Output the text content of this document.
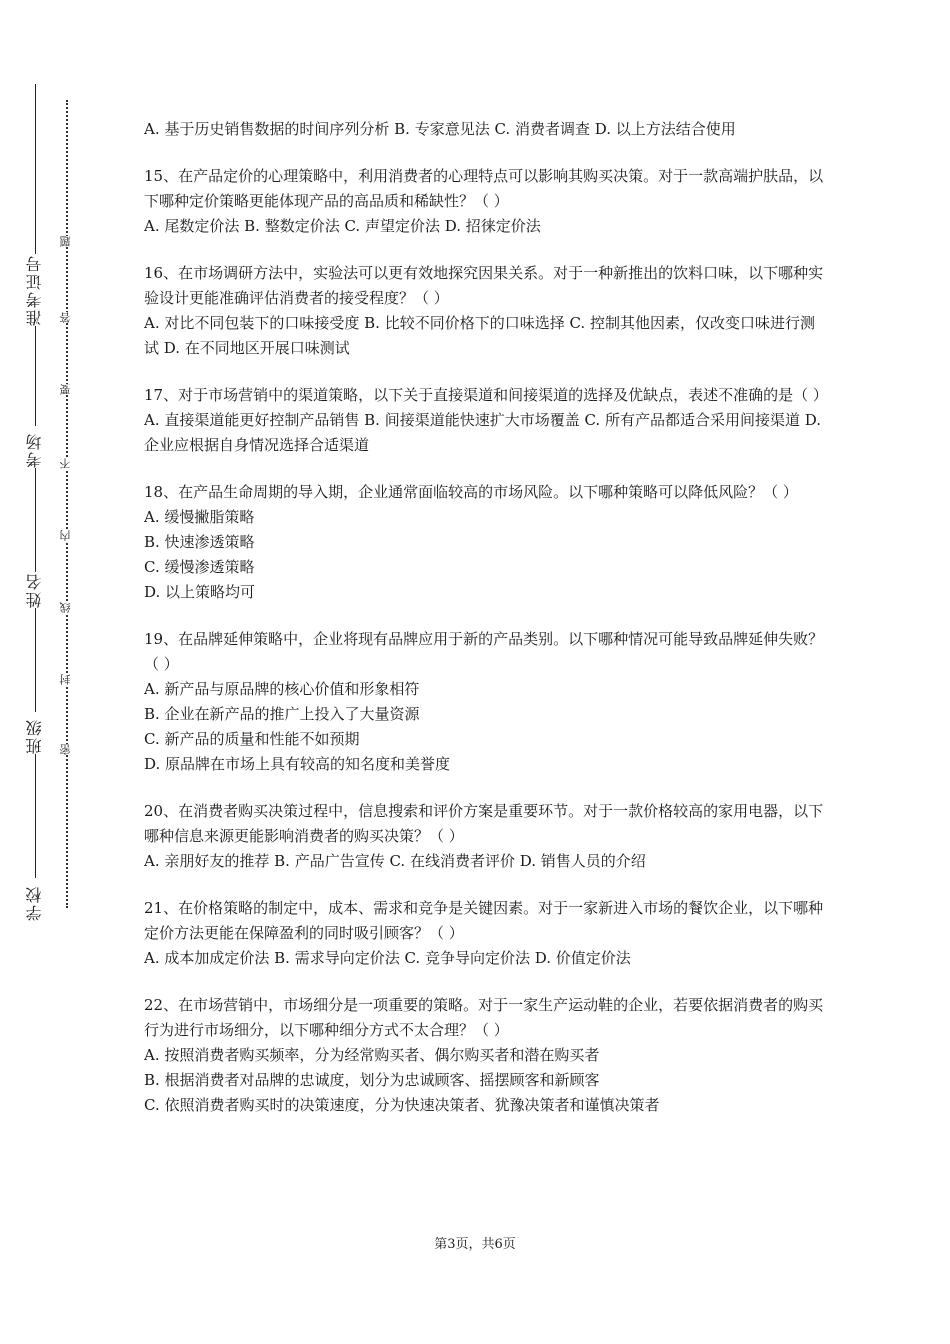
准考证号
考场
姓名
班级
学校
题
答
要
不
内
线
封
密

A. 基于历史销售数据的时间序列分析 B. 专家意见法 C. 消费者调查 D. 以上方法结合使用

15、在产品定价的心理策略中，利用消费者的心理特点可以影响其购买决策。对于一款高端护肤品，以下哪种定价策略更能体现产品的高品质和稀缺性？（ ）

A. 尾数定价法 B. 整数定价法 C. 声望定价法 D. 招徕定价法

16、在市场调研方法中，实验法可以更有效地探究因果关系。对于一种新推出的饮料口味，以下哪种实验设计更能准确评估消费者的接受程度？（ ）

A. 对比不同包装下的口味接受度 B. 比较不同价格下的口味选择 C. 控制其他因素，仅改变口味进行测试 D. 在不同地区开展口味测试

17、对于市场营销中的渠道策略，以下关于直接渠道和间接渠道的选择及优缺点，表述不准确的是（ ）

A. 直接渠道能更好控制产品销售 B. 间接渠道能快速扩大市场覆盖 C. 所有产品都适合采用间接渠道 D. 企业应根据自身情况选择合适渠道

18、在产品生命周期的导入期，企业通常面临较高的市场风险。以下哪种策略可以降低风险？（ ）

A. 缓慢撇脂策略
B. 快速渗透策略
C. 缓慢渗透策略
D. 以上策略均可

19、在品牌延伸策略中，企业将现有品牌应用于新的产品类别。以下哪种情况可能导致品牌延伸失败？（ ）

A. 新产品与原品牌的核心价值和形象相符
B. 企业在新产品的推广上投入了大量资源
C. 新产品的质量和性能不如预期
D. 原品牌在市场上具有较高的知名度和美誉度

20、在消费者购买决策过程中，信息搜索和评价方案是重要环节。对于一款价格较高的家用电器，以下哪种信息来源更能影响消费者的购买决策？（ ）

A. 亲朋好友的推荐 B. 产品广告宣传 C. 在线消费者评价 D. 销售人员的介绍

21、在价格策略的制定中，成本、需求和竞争是关键因素。对于一家新进入市场的餐饮企业，以下哪种定价方法更能在保障盈利的同时吸引顾客？（ ）

A. 成本加成定价法 B. 需求导向定价法 C. 竞争导向定价法 D. 价值定价法

22、在市场营销中，市场细分是一项重要的策略。对于一家生产运动鞋的企业，若要依据消费者的购买行为进行市场细分，以下哪种细分方式不太合理？（ ）

A. 按照消费者购买频率，分为经常购买者、偶尔购买者和潜在购买者
B. 根据消费者对品牌的忠诚度，划分为忠诚顾客、摇摆顾客和新顾客
C. 依照消费者购买时的决策速度，分为快速决策者、犹豫决策者和谨慎决策者
第3页，共6页
